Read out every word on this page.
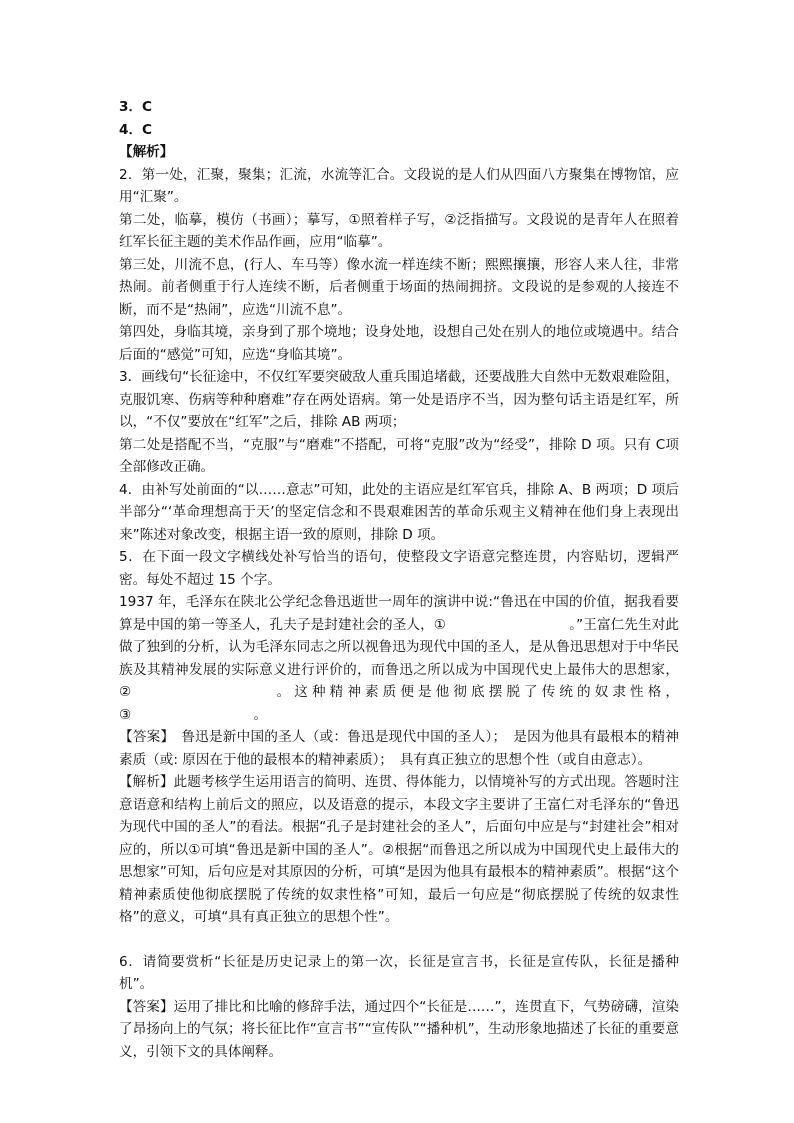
3．C

4．C

【解析】

2．第一处，汇聚，聚集；汇流，水流等汇合。文段说的是人们从四面八方聚集在博物馆，应用“汇聚”。

第二处，临摹，模仿（书画）；摹写，①照着样子写，②泛指描写。文段说的是青年人在照着红军长征主题的美术作品作画，应用“临摹”。

第三处，川流不息，(行人、车马等）像水流一样连续不断；熙熙攘攘，形容人来人往，非常热闹。前者侧重于行人连续不断，后者侧重于场面的热闹拥挤。文段说的是参观的人接连不断，而不是“热闹”，应选“川流不息”。

第四处，身临其境，亲身到了那个境地；设身处地，设想自己处在别人的地位或境遇中。结合后面的“感觉”可知，应选“身临其境”。

3．画线句“长征途中，不仅红军要突破敌人重兵围追堵截，还要战胜大自然中无数艰难险阻，克服饥寒、伤病等种种磨难”存在两处语病。第一处是语序不当，因为整句话主语是红军，所以，“不仅”要放在“红军”之后，排除 AB 两项；

第二处是搭配不当，“克服”与“磨难”不搭配，可将“克服”改为“经受”，排除 D 项。只有 C项全部修改正确。

4．由补写处前面的“以……意志”可知，此处的主语应是红军官兵，排除 A、B 两项；D 项后半部分“‘革命理想高于天’的坚定信念和不畏艰难困苦的革命乐观主义精神在他们身上表现出来”陈述对象改变，根据主语一致的原则，排除 D 项。

5．在下面一段文字横线处补写恰当的语句，使整段文字语意完整连贯，内容贴切，逻辑严密。每处不超过 15 个字。

1937 年，毛泽东在陕北公学纪念鲁迅逝世一周年的演讲中说:“鲁迅在中国的价值，据我看要算是中国的第一等圣人，孔夫子是封建社会的圣人，①　　　　　　　　　。”王富仁先生对此做了独到的分析，认为毛泽东同志之所以视鲁迅为现代中国的圣人，是从鲁迅思想对于中华民族及其精神发展的实际意义进行评价的，而鲁迅之所以成为中国现代史上最伟大的思想家，②　　　　　　　　。这种精神素质便是他彻底摆脱了传统的奴隶性格，③　　　　　　　　　。

【答案】　鲁迅是新中国的圣人（或：鲁迅是现代中国的圣人）；　是因为他具有最根本的精神素质（或: 原因在于他的最根本的精神素质）；　具有真正独立的思想个性（或自由意志）。

【解析】此题考核学生运用语言的简明、连贯、得体能力，以情境补写的方式出现。答题时注意语意和结构上前后文的照应，以及语意的提示，本段文字主要讲了王富仁对毛泽东的“鲁迅为现代中国的圣人”的看法。根据“孔子是封建社会的圣人”，后面句中应是与“封建社会”相对应的，所以①可填“鲁迅是新中国的圣人”。②根据“而鲁迅之所以成为中国现代史上最伟大的思想家”可知，后句应是对其原因的分析，可填“是因为他具有最根本的精神素质”。根据“这个精神素质使他彻底摆脱了传统的奴隶性格”可知，最后一句应是“彻底摆脱了传统的奴隶性格”的意义，可填“具有真正独立的思想个性”。

6．请简要赏析“长征是历史记录上的第一次，长征是宣言书，长征是宣传队，长征是播种机”。

【答案】运用了排比和比喻的修辞手法，通过四个“长征是……”，连贯直下，气势磅礴，渲染了昂扬向上的气氛；将长征比作“宣言书”“宣传队”“播种机”，生动形象地描述了长征的重要意义，引领下文的具体阐释。
